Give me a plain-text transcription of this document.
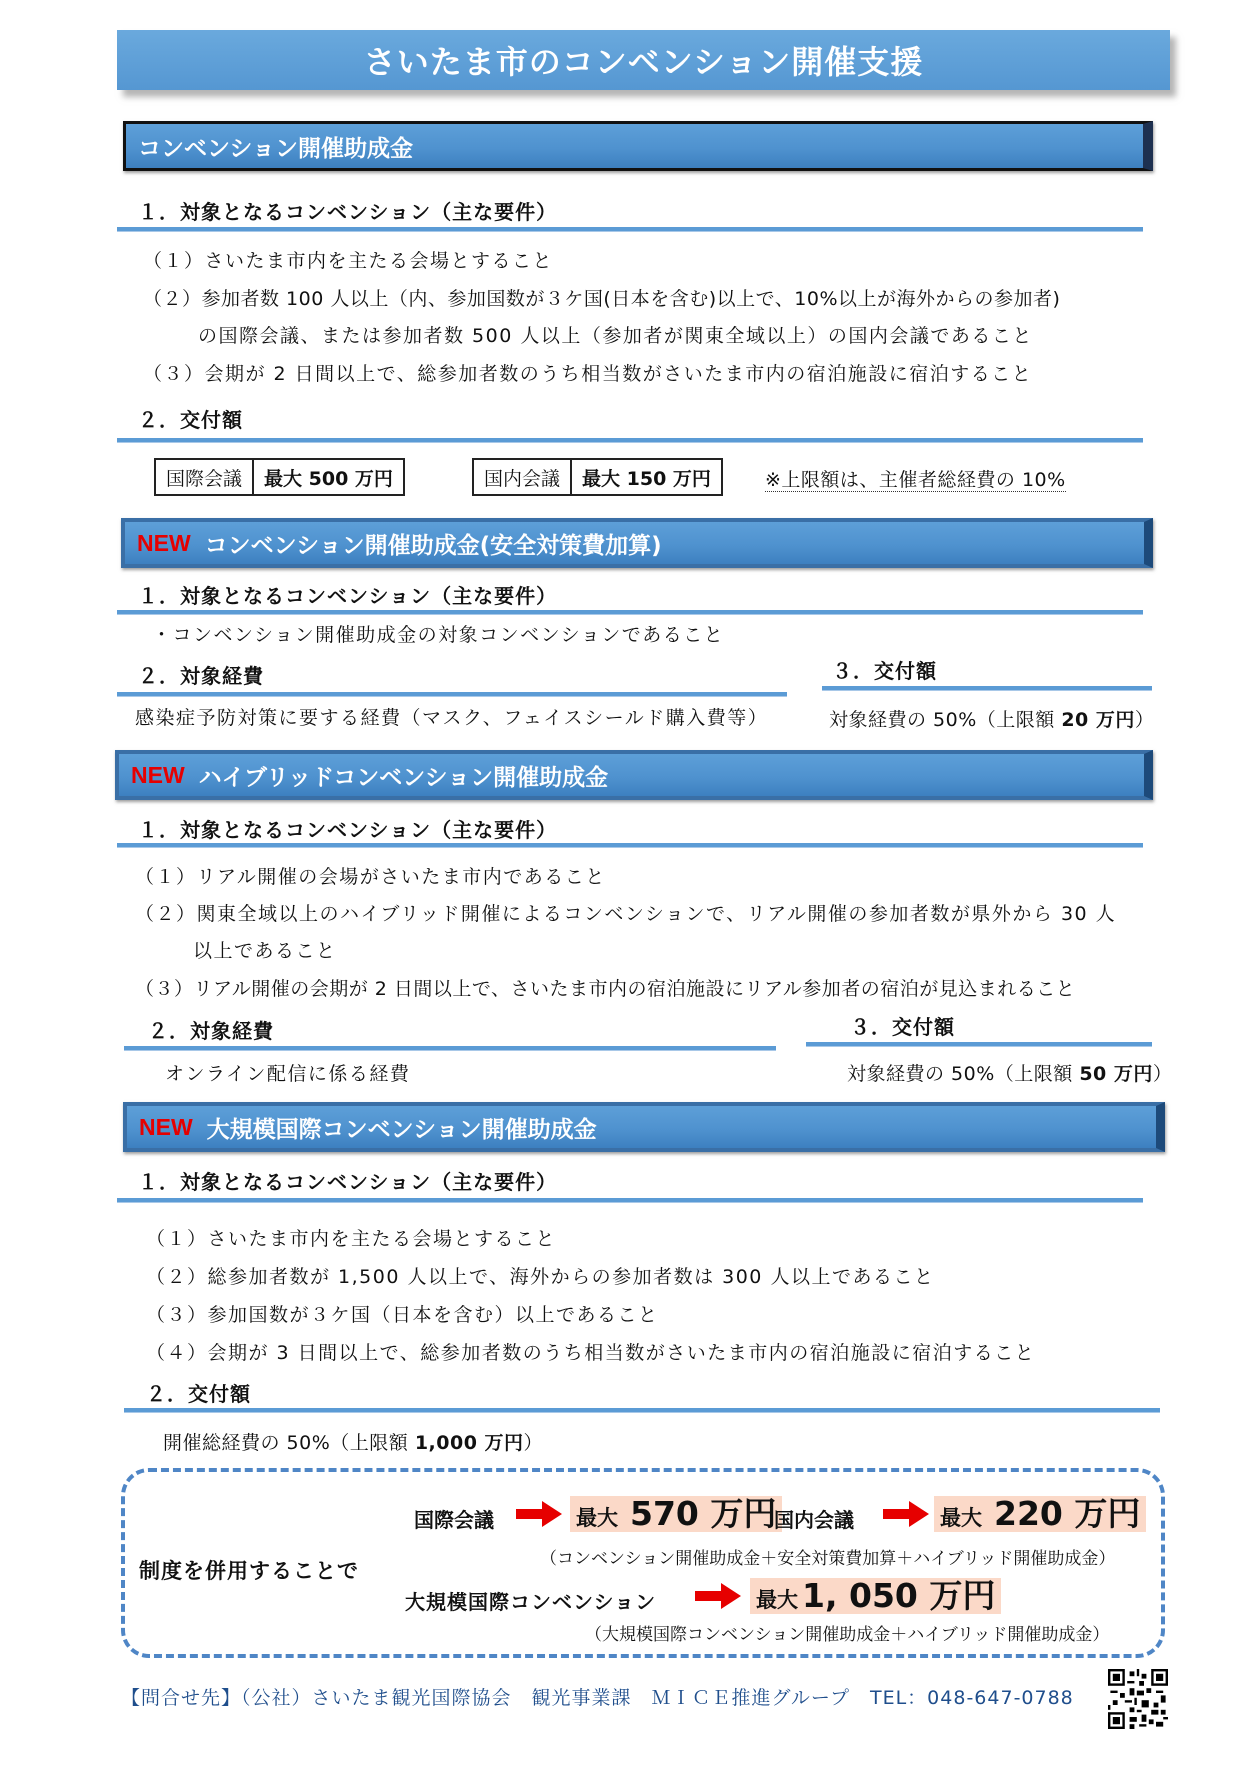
さいたま市のコンベンション開催支援
コンベンション開催助成金
１．対象となるコンベンション（主な要件）
（１）さいたま市内を主たる会場とすること
（２）参加者数 100 人以上（内、参加国数が３ケ国(日本を含む)以上で、10%以上が海外からの参加者)
の国際会議、または参加者数 500 人以上（参加者が関東全域以上）の国内会議であること
（３）会期が 2 日間以上で、総参加者数のうち相当数がさいたま市内の宿泊施設に宿泊すること
２．交付額
国際会議	最大 500 万円	国内会議	最大 150 万円	※上限額は、主催者総経費の 10%
NEW コンベンション開催助成金(安全対策費加算)
１．対象となるコンベンション（主な要件）
・コンベンション開催助成金の対象コンベンションであること
２．対象経費	３．交付額
感染症予防対策に要する経費（マスク、フェイスシールド購入費等）	対象経費の 50%（上限額 20 万円）
NEW ハイブリッドコンベンション開催助成金
１．対象となるコンベンション（主な要件）
（１）リアル開催の会場がさいたま市内であること
（２）関東全域以上のハイブリッド開催によるコンベンションで、リアル開催の参加者数が県外から 30 人
以上であること
（３）リアル開催の会期が 2 日間以上で、さいたま市内の宿泊施設にリアル参加者の宿泊が見込まれること
２．対象経費	３．交付額
オンライン配信に係る経費	対象経費の 50%（上限額 50 万円）
NEW 大規模国際コンベンション開催助成金
１．対象となるコンベンション（主な要件）
（１）さいたま市内を主たる会場とすること
（２）総参加者数が 1,500 人以上で、海外からの参加者数は 300 人以上であること
（３）参加国数が３ケ国（日本を含む）以上であること
（４）会期が 3 日間以上で、総参加者数のうち相当数がさいたま市内の宿泊施設に宿泊すること
２．交付額
開催総経費の 50%（上限額 1,000 万円）
制度を併用することで
国際会議	最大 570 万円
国内会議	最大 220 万円
（コンベンション開催助成金＋安全対策費加算＋ハイブリッド開催助成金）
大規模国際コンベンション	最大 1, 050 万円
（大規模国際コンベンション開催助成金＋ハイブリッド開催助成金）
【問合せ先】（公社）さいたま観光国際協会　観光事業課　ＭＩＣＥ推進グループ　TEL：048-647-0788
